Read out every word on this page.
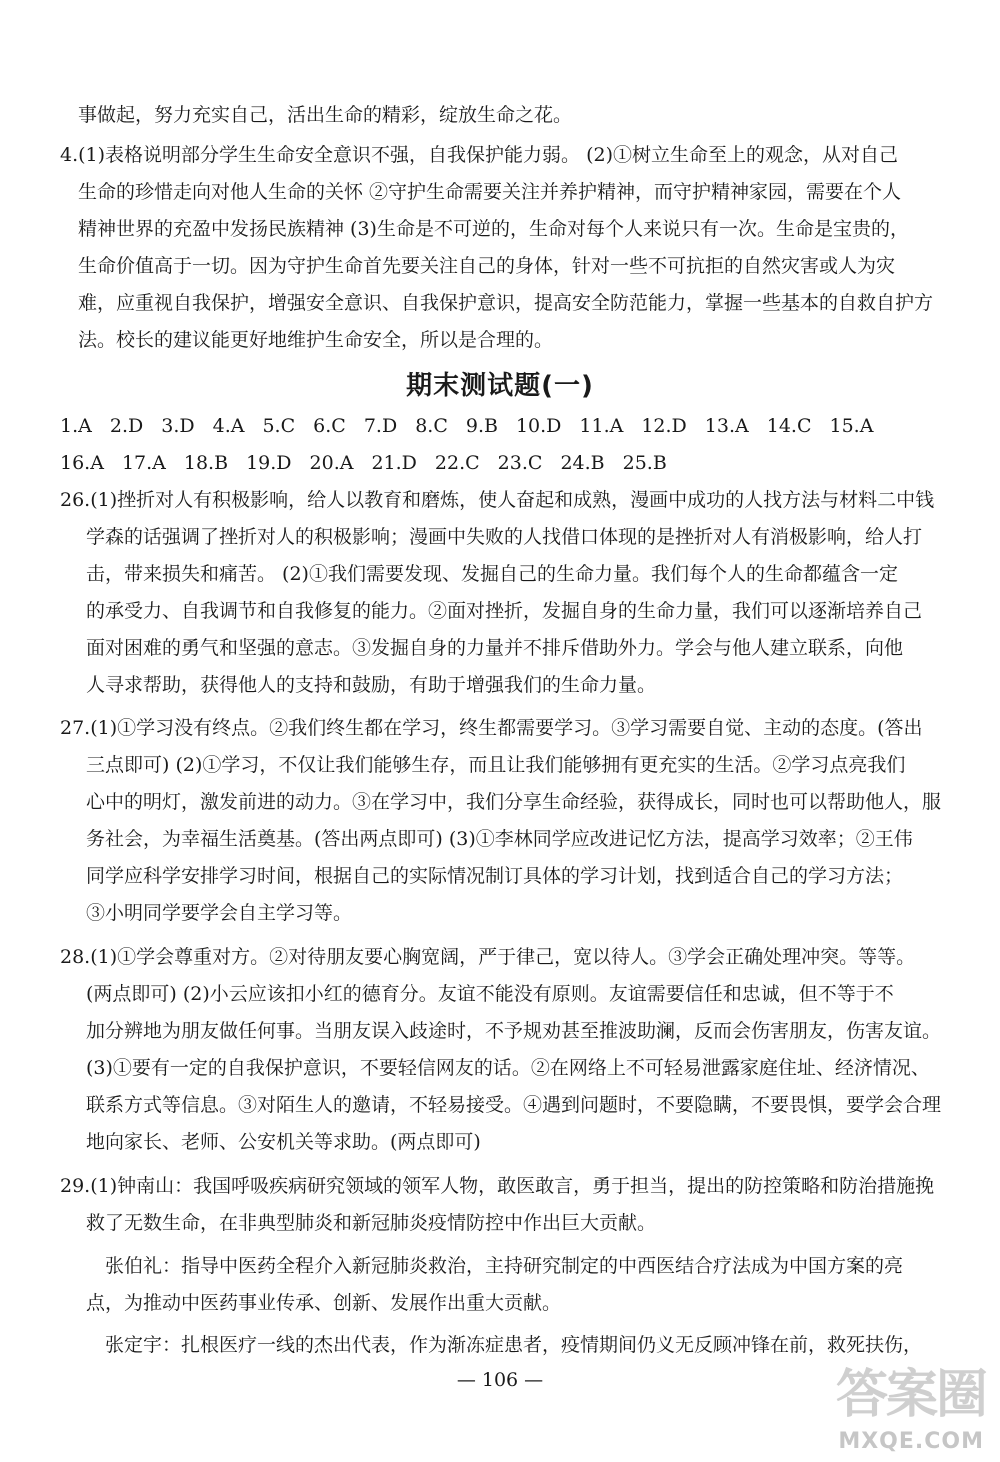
事做起，努力充实自己，活出生命的精彩，绽放生命之花。
4.(1)表格说明部分学生生命安全意识不强，自我保护能力弱。 (2)①树立生命至上的观念，从对自己
生命的珍惜走向对他人生命的关怀 ②守护生命需要关注并养护精神，而守护精神家园，需要在个人
精神世界的充盈中发扬民族精神 (3)生命是不可逆的，生命对每个人来说只有一次。生命是宝贵的，
生命价值高于一切。因为守护生命首先要关注自己的身体，针对一些不可抗拒的自然灾害或人为灾
难，应重视自我保护，增强安全意识、自我保护意识，提高安全防范能力，掌握一些基本的自救自护方
法。校长的建议能更好地维护生命安全，所以是合理的。
期末测试题(一)
1.A 2.D 3.D 4.A 5.C 6.C 7.D 8.C 9.B 10.D 11.A 12.D 13.A 14.C 15.A
16.A 17.A 18.B 19.D 20.A 21.D 22.C 23.C 24.B 25.B
26.(1)挫折对人有积极影响，给人以教育和磨炼，使人奋起和成熟，漫画中成功的人找方法与材料二中钱
学森的话强调了挫折对人的积极影响；漫画中失败的人找借口体现的是挫折对人有消极影响，给人打
击，带来损失和痛苦。 (2)①我们需要发现、发掘自己的生命力量。我们每个人的生命都蕴含一定
的承受力、自我调节和自我修复的能力。②面对挫折，发掘自身的生命力量，我们可以逐渐培养自己
面对困难的勇气和坚强的意志。③发掘自身的力量并不排斥借助外力。学会与他人建立联系，向他
人寻求帮助，获得他人的支持和鼓励，有助于增强我们的生命力量。
27.(1)①学习没有终点。②我们终生都在学习，终生都需要学习。③学习需要自觉、主动的态度。(答出
三点即可) (2)①学习，不仅让我们能够生存，而且让我们能够拥有更充实的生活。②学习点亮我们
心中的明灯，激发前进的动力。③在学习中，我们分享生命经验，获得成长，同时也可以帮助他人，服
务社会，为幸福生活奠基。(答出两点即可) (3)①李林同学应改进记忆方法，提高学习效率；②王伟
同学应科学安排学习时间，根据自己的实际情况制订具体的学习计划，找到适合自己的学习方法；
③小明同学要学会自主学习等。
28.(1)①学会尊重对方。②对待朋友要心胸宽阔，严于律己，宽以待人。③学会正确处理冲突。等等。
(两点即可) (2)小云应该扣小红的德育分。友谊不能没有原则。友谊需要信任和忠诚，但不等于不
加分辨地为朋友做任何事。当朋友误入歧途时，不予规劝甚至推波助澜，反而会伤害朋友，伤害友谊。
(3)①要有一定的自我保护意识，不要轻信网友的话。②在网络上不可轻易泄露家庭住址、经济情况、
联系方式等信息。③对陌生人的邀请，不轻易接受。④遇到问题时，不要隐瞒，不要畏惧，要学会合理
地向家长、老师、公安机关等求助。(两点即可)
29.(1)钟南山：我国呼吸疾病研究领域的领军人物，敢医敢言，勇于担当，提出的防控策略和防治措施挽
救了无数生命，在非典型肺炎和新冠肺炎疫情防控中作出巨大贡献。
张伯礼：指导中医药全程介入新冠肺炎救治，主持研究制定的中西医结合疗法成为中国方案的亮
点，为推动中医药事业传承、创新、发展作出重大贡献。
张定宇：扎根医疗一线的杰出代表，作为渐冻症患者，疫情期间仍义无反顾冲锋在前，救死扶伤，
— 106 —	答案圈
MXQE.COM
